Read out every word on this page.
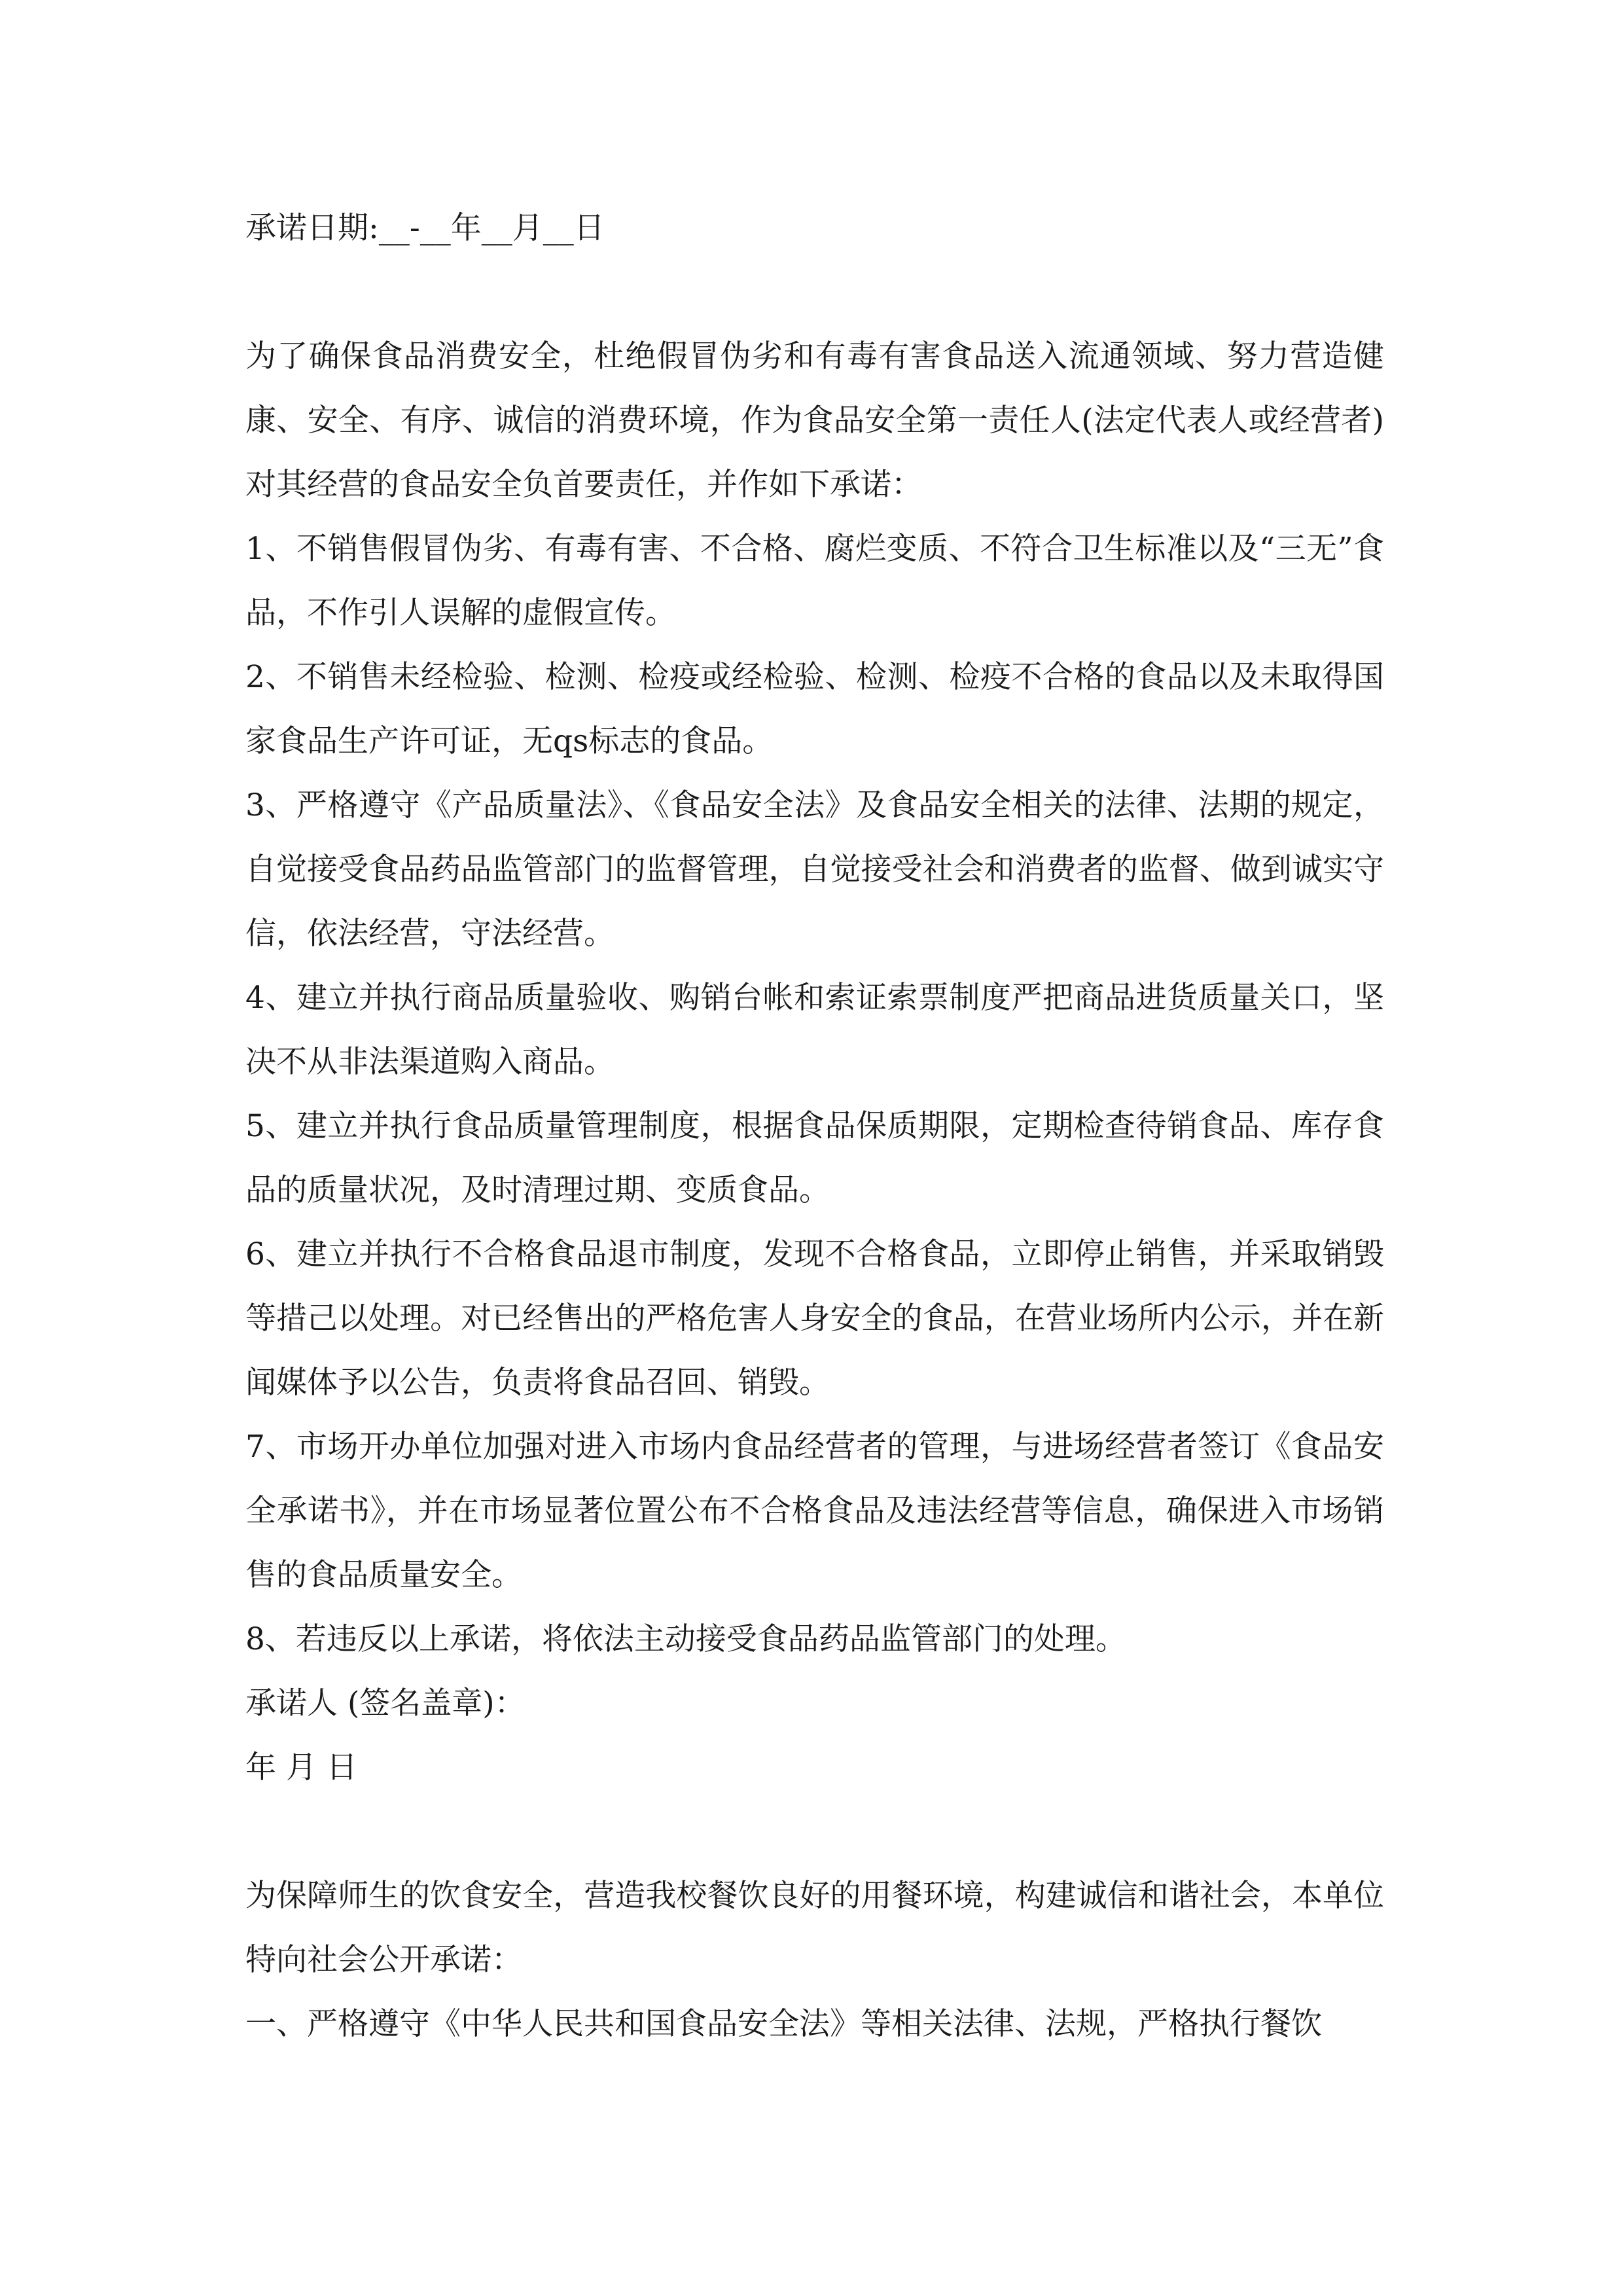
承诺日期:__-__年__月__日
为了确保食品消费安全，杜绝假冒伪劣和有毒有害食品送入流通领域、努力营造健康、安全、有序、诚信的消费环境，作为食品安全第一责任人(法定代表人或经营者)对其经营的食品安全负首要责任，并作如下承诺：
1、不销售假冒伪劣、有毒有害、不合格、腐烂变质、不符合卫生标准以及“三无”食品，不作引人误解的虚假宣传。
2、不销售未经检验、检测、检疫或经检验、检测、检疫不合格的食品以及未取得国家食品生产许可证，无qs标志的食品。
3、严格遵守《产品质量法》、《食品安全法》及食品安全相关的法律、法期的规定，自觉接受食品药品监管部门的监督管理，自觉接受社会和消费者的监督、做到诚实守信，依法经营，守法经营。
4、建立并执行商品质量验收、购销台帐和索证索票制度严把商品进货质量关口，坚决不从非法渠道购入商品。
5、建立并执行食品质量管理制度，根据食品保质期限，定期检查待销食品、库存食品的质量状况，及时清理过期、变质食品。
6、建立并执行不合格食品退市制度，发现不合格食品，立即停止销售，并采取销毁等措己以处理。对已经售出的严格危害人身安全的食品，在营业场所内公示，并在新闻媒体予以公告，负责将食品召回、销毁。
7、市场开办单位加强对进入市场内食品经营者的管理，与进场经营者签订《食品安全承诺书》，并在市场显著位置公布不合格食品及违法经营等信息，确保进入市场销售的食品质量安全。
8、若违反以上承诺，将依法主动接受食品药品监管部门的处理。
承诺人 (签名盖章)：
年 月 日
为保障师生的饮食安全，营造我校餐饮良好的用餐环境，构建诚信和谐社会，本单位特向社会公开承诺：
一、严格遵守《中华人民共和国食品安全法》等相关法律、法规，严格执行餐饮
